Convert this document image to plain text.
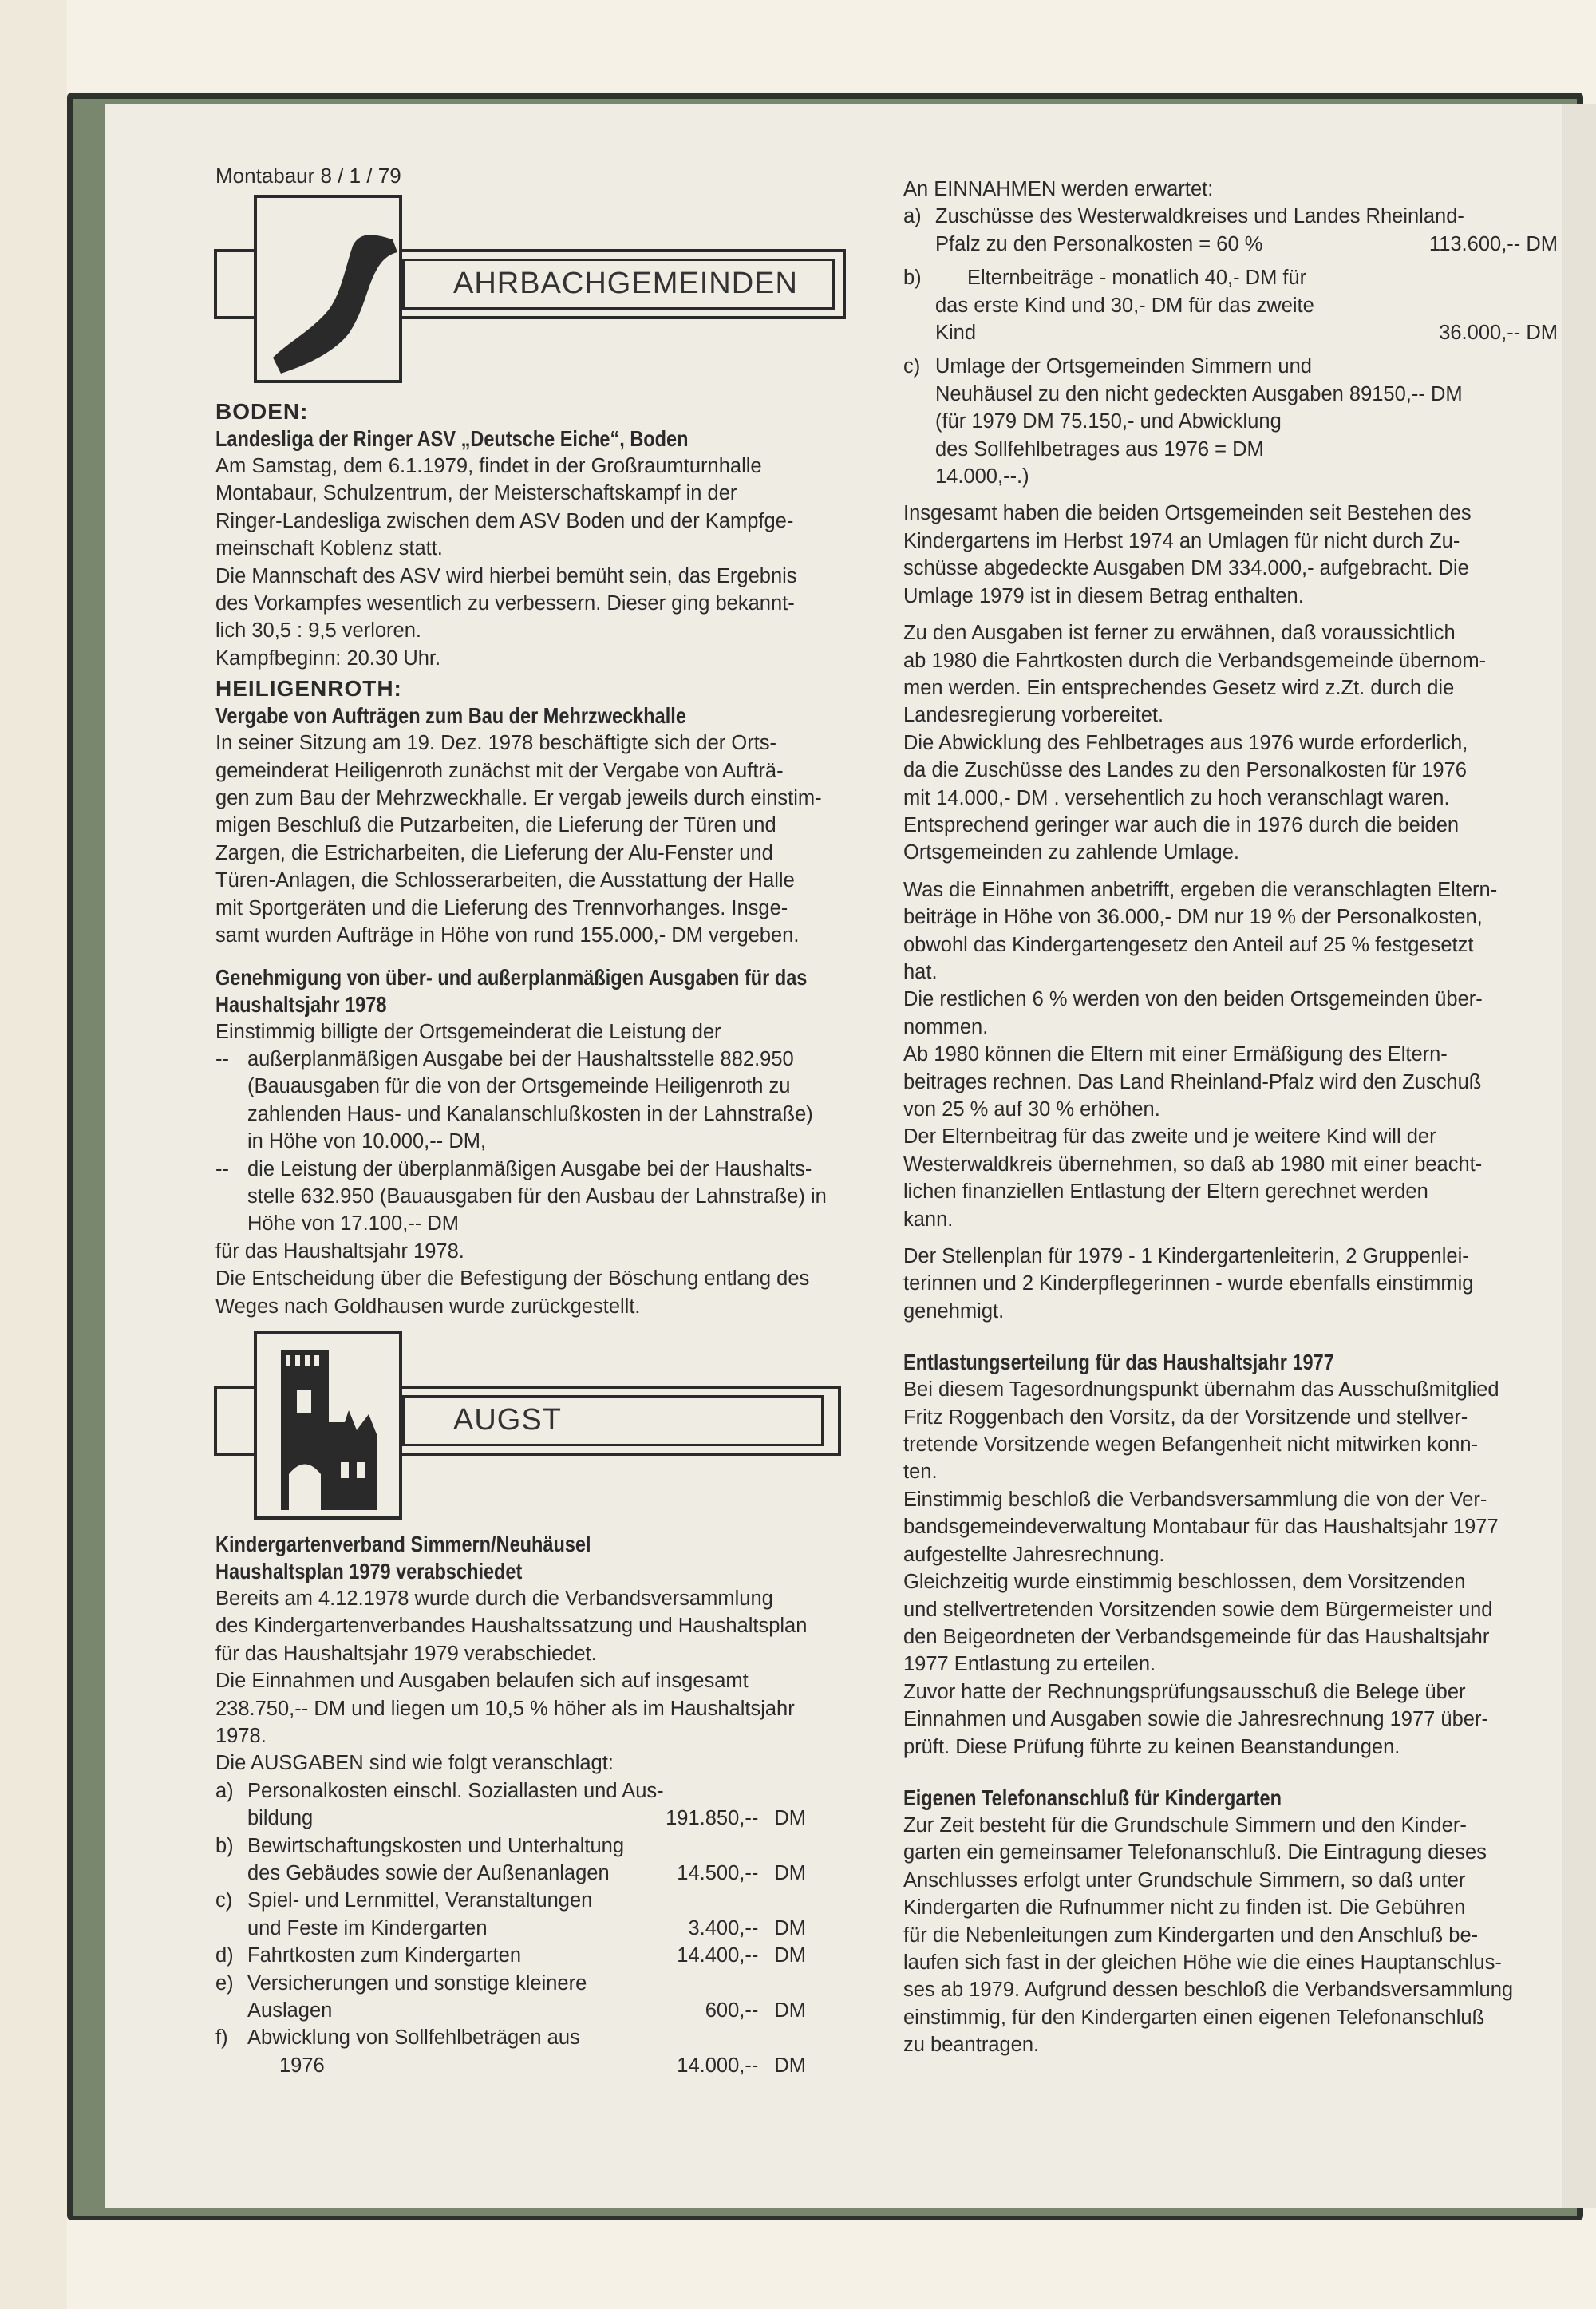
Montabaur 8 / 1 / 79
AHRBACHGEMEINDEN
BODEN:
Landesliga der Ringer ASV „Deutsche Eiche“, Boden
Am Samstag, dem 6.1.1979, findet in der Großraumturnhalle
Montabaur, Schulzentrum, der Meisterschaftskampf in der
Ringer-Landesliga zwischen dem ASV Boden und der Kampfge-
meinschaft Koblenz statt.
Die Mannschaft des ASV wird hierbei bemüht sein, das Ergebnis
des Vorkampfes wesentlich zu verbessern. Dieser ging bekannt-
lich 30,5 : 9,5 verloren.
Kampfbeginn: 20.30 Uhr.
HEILIGENROTH:
Vergabe von Aufträgen zum Bau der Mehrzweckhalle
In seiner Sitzung am 19. Dez. 1978 beschäftigte sich der Orts-
gemeinderat Heiligenroth zunächst mit der Vergabe von Aufträ-
gen zum Bau der Mehrzweckhalle. Er vergab jeweils durch einstim-
migen Beschluß die Putzarbeiten, die Lieferung der Türen und
Zargen, die Estricharbeiten, die Lieferung der Alu-Fenster und
Türen-Anlagen, die Schlosserarbeiten, die Ausstattung der Halle
mit Sportgeräten und die Lieferung des Trennvorhanges. Insge-
samt wurden Aufträge in Höhe von rund 155.000,- DM vergeben.
Genehmigung von über- und außerplanmäßigen Ausgaben für das
Haushaltsjahr 1978
Einstimmig billigte der Ortsgemeinderat die Leistung der
-- außerplanmäßigen Ausgabe bei der Haushaltsstelle 882.950
(Bauausgaben für die von der Ortsgemeinde Heiligenroth zu
zahlenden Haus- und Kanalanschlußkosten in der Lahnstraße)
in Höhe von 10.000,-- DM,
-- die Leistung der überplanmäßigen Ausgabe bei der Haushalts-
stelle 632.950 (Bauausgaben für den Ausbau der Lahnstraße) in
Höhe von 17.100,-- DM
für das Haushaltsjahr 1978.
Die Entscheidung über die Befestigung der Böschung entlang des
Weges nach Goldhausen wurde zurückgestellt.
AUGST
Kindergartenverband Simmern/Neuhäusel
Haushaltsplan 1979 verabschiedet
Bereits am 4.12.1978 wurde durch die Verbandsversammlung
des Kindergartenverbandes Haushaltssatzung und Haushaltsplan
für das Haushaltsjahr 1979 verabschiedet.
Die Einnahmen und Ausgaben belaufen sich auf insgesamt
238.750,-- DM und liegen um 10,5 % höher als im Haushaltsjahr
1978.
Die AUSGABEN sind wie folgt veranschlagt:
a) Personalkosten einschl. Soziallasten und Aus-
bildung	191.850,-- DM
b) Bewirtschaftungskosten und Unterhaltung
des Gebäudes sowie der Außenanlagen	14.500,-- DM
c) Spiel- und Lernmittel, Veranstaltungen
und Feste im Kindergarten	3.400,-- DM
d) Fahrtkosten zum Kindergarten	14.400,-- DM
e) Versicherungen und sonstige kleinere
Auslagen	600,-- DM
f) Abwicklung von Sollfehlbeträgen aus
1976	14.000,-- DM
An EINNAHMEN werden erwartet:
a) Zuschüsse des Westerwaldkreises und Landes Rheinland-
Pfalz zu den Personalkosten = 60 %	113.600,-- DM
b)	Elternbeiträge - monatlich 40,- DM für
das erste Kind und 30,- DM für das zweite
Kind	36.000,-- DM
c) Umlage der Ortsgemeinden Simmern und
Neuhäusel zu den nicht gedeckten Ausgaben 89150,-- DM
(für 1979 DM 75.150,- und Abwicklung
des Sollfehlbetrages aus 1976 = DM
14.000,--.)
Insgesamt haben die beiden Ortsgemeinden seit Bestehen des
Kindergartens im Herbst 1974 an Umlagen für nicht durch Zu-
schüsse abgedeckte Ausgaben DM 334.000,- aufgebracht. Die
Umlage 1979 ist in diesem Betrag enthalten.
Zu den Ausgaben ist ferner zu erwähnen, daß voraussichtlich
ab 1980 die Fahrtkosten durch die Verbandsgemeinde übernom-
men werden. Ein entsprechendes Gesetz wird z.Zt. durch die
Landesregierung vorbereitet.
Die Abwicklung des Fehlbetrages aus 1976 wurde erforderlich,
da die Zuschüsse des Landes zu den Personalkosten für 1976
mit 14.000,- DM . versehentlich zu hoch veranschlagt waren.
Entsprechend geringer war auch die in 1976 durch die beiden
Ortsgemeinden zu zahlende Umlage.
Was die Einnahmen anbetrifft, ergeben die veranschlagten Eltern-
beiträge in Höhe von 36.000,- DM nur 19 % der Personalkosten,
obwohl das Kindergartengesetz den Anteil auf 25 % festgesetzt
hat.
Die restlichen 6 % werden von den beiden Ortsgemeinden über-
nommen.
Ab 1980 können die Eltern mit einer Ermäßigung des Eltern-
beitrages rechnen. Das Land Rheinland-Pfalz wird den Zuschuß
von 25 % auf 30 % erhöhen.
Der Elternbeitrag für das zweite und je weitere Kind will der
Westerwaldkreis übernehmen, so daß ab 1980 mit einer beacht-
lichen finanziellen Entlastung der Eltern gerechnet werden
kann.
Der Stellenplan für 1979 - 1 Kindergartenleiterin, 2 Gruppenlei-
terinnen und 2 Kinderpflegerinnen - wurde ebenfalls einstimmig
genehmigt.
Entlastungserteilung für das Haushaltsjahr 1977
Bei diesem Tagesordnungspunkt übernahm das Ausschußmitglied
Fritz Roggenbach den Vorsitz, da der Vorsitzende und stellver-
tretende Vorsitzende wegen Befangenheit nicht mitwirken konn-
ten.
Einstimmig beschloß die Verbandsversammlung die von der Ver-
bandsgemeindeverwaltung Montabaur für das Haushaltsjahr 1977
aufgestellte Jahresrechnung.
Gleichzeitig wurde einstimmig beschlossen, dem Vorsitzenden
und stellvertretenden Vorsitzenden sowie dem Bürgermeister und
den Beigeordneten der Verbandsgemeinde für das Haushaltsjahr
1977 Entlastung zu erteilen.
Zuvor hatte der Rechnungsprüfungsausschuß die Belege über
Einnahmen und Ausgaben sowie die Jahresrechnung 1977 über-
prüft. Diese Prüfung führte zu keinen Beanstandungen.
Eigenen Telefonanschluß für Kindergarten
Zur Zeit besteht für die Grundschule Simmern und den Kinder-
garten ein gemeinsamer Telefonanschluß. Die Eintragung dieses
Anschlusses erfolgt unter Grundschule Simmern, so daß unter
Kindergarten die Rufnummer nicht zu finden ist. Die Gebühren
für die Nebenleitungen zum Kindergarten und den Anschluß be-
laufen sich fast in der gleichen Höhe wie die eines Hauptanschlus-
ses ab 1979. Aufgrund dessen beschloß die Verbandsversammlung
einstimmig, für den Kindergarten einen eigenen Telefonanschluß
zu beantragen.
